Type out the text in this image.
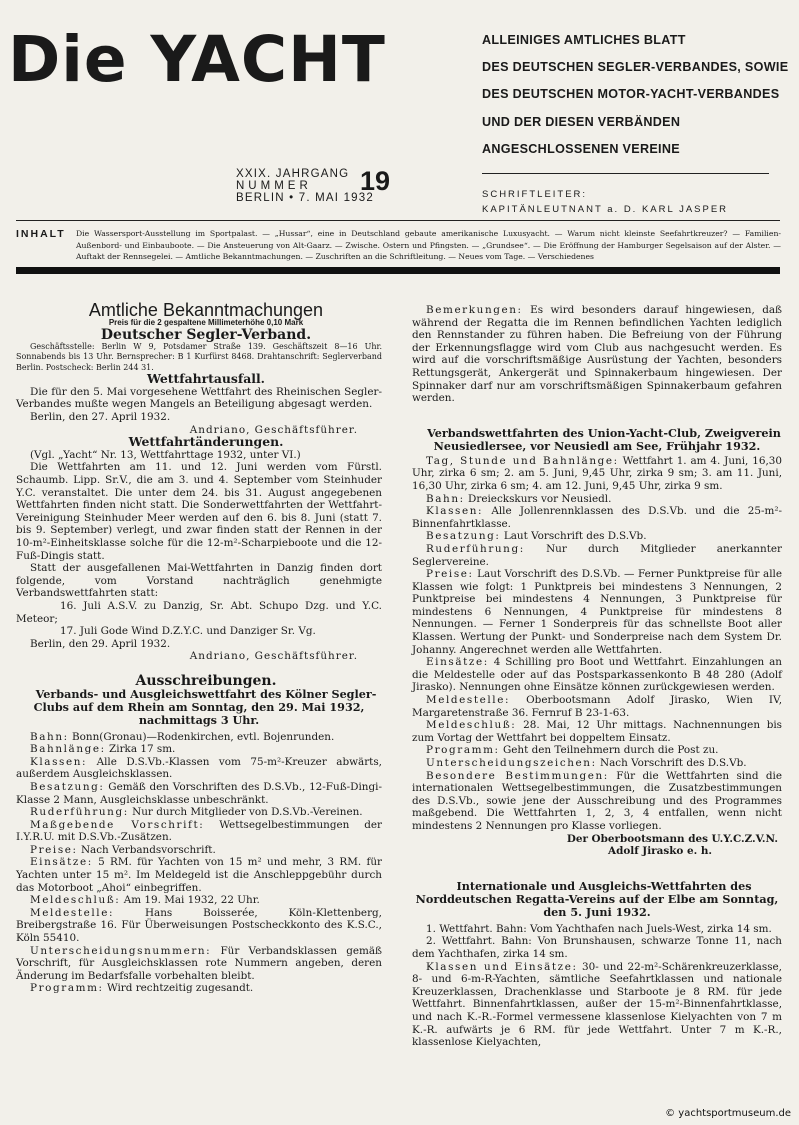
Die YACHT	ALLEINIGES AMTLICHES BLATT
DES DEUTSCHEN SEGLER-VERBANDES, SOWIE
DES DEUTSCHEN MOTOR-YACHT-VERBANDES
UND DER DIESEN VERBÄNDEN
ANGESCHLOSSENEN VEREINE
XXIX. JAHRGANG
NUMMER	19
BERLIN • 7. MAI 1932	SCHRIFTLEITER:
KAPITÄNLEUTNANT a. D. KARL JASPER
INHALT Die Wassersport-Ausstellung im Sportpalast. — „Hussar“, eine in Deutschland gebaute amerikanische Luxusyacht. — Warum nicht kleinste Seefahrtkreuzer? — Familien-Außenbord- und Einbauboote. — Die Ansteuerung von Alt-Gaarz. — Zwische. Ostern und Pfingsten. — „Grundsee“. — Die Eröffnung der Hamburger Segelsaison auf der Alster. — Auftakt der Rennsegelei. — Amtliche Bekanntmachungen. — Zuschriften an die Schriftleitung. — Neues vom Tage. — Verschiedenes

Amtliche Bekanntmachungen

Preis für die 2 gespaltene Millimeterhöhe 0,10 Mark

Deutscher Segler-Verband.

Geschäftsstelle: Berlin W 9, Potsdamer Straße 139. Geschäftszeit 8—16 Uhr. Sonnabends bis 13 Uhr. Bernsprecher: B 1 Kurfürst 8468. Drahtanschrift: Seglerverband Berlin. Postscheck: Berlin 244 31.

Wettfahrtausfall.

Die für den 5. Mai vorgesehene Wettfahrt des Rheinischen Segler-Verbandes mußte wegen Mangels an Beteiligung abgesagt werden.

Berlin, den 27. April 1932.

Andriano, Geschäftsführer.

Wettfahrtänderungen.

(Vgl. „Yacht“ Nr. 13, Wettfahrttage 1932, unter VI.)

Die Wettfahrten am 11. und 12. Juni werden vom Fürstl. Schaumb. Lipp. Sr.V., die am 3. und 4. September vom Steinhuder Y.C. veranstaltet. Die unter dem 24. bis 31. August angegebenen Wettfahrten finden nicht statt. Die Sonderwettfahrten der Wettfahrt-Vereinigung Steinhuder Meer werden auf den 6. bis 8. Juni (statt 7. bis 9. September) verlegt, und zwar finden statt der Rennen in der 10-m²-Einheitsklasse solche für die 12-m²-Scharpieboote und die 12-Fuß-Dingis statt.

Statt der ausgefallenen Mai-Wettfahrten in Danzig finden dort folgende, vom Vorstand nachträglich genehmigte Verbandswettfahrten statt:

16. Juli A.S.V. zu Danzig, Sr. Abt. Schupo Dzg. und Y.C. Meteor;

17. Juli Gode Wind D.Z.Y.C. und Danziger Sr. Vg.

Berlin, den 29. April 1932.

Andriano, Geschäftsführer.

Ausschreibungen.

Verbands- und Ausgleichswettfahrt des Kölner Segler-Clubs auf dem Rhein am Sonntag, den 29. Mai 1932, nachmittags 3 Uhr.

Bahn: Bonn(Gronau)—Rodenkirchen, evtl. Bojenrunden.

Bahnlänge: Zirka 17 sm.

Klassen: Alle D.S.Vb.-Klassen vom 75-m²-Kreuzer abwärts, außerdem Ausgleichsklassen.

Besatzung: Gemäß den Vorschriften des D.S.Vb., 12-Fuß-Dingi-Klasse 2 Mann, Ausgleichsklasse unbeschränkt.

Ruderführung: Nur durch Mitglieder von D.S.Vb.-Vereinen.

Maßgebende Vorschrift: Wettsegelbestimmungen der I.Y.R.U. mit D.S.Vb.-Zusätzen.

Preise: Nach Verbandsvorschrift.

Einsätze: 5 RM. für Yachten von 15 m² und mehr, 3 RM. für Yachten unter 15 m². Im Meldegeld ist die Anschleppgebühr durch das Motorboot „Ahoi“ einbegriffen.

Meldeschluß: Am 19. Mai 1932, 22 Uhr.

Meldestelle:	Hans Boisserée, Köln-Klettenberg, Breibergstraße 16. Für Überweisungen Postscheckkonto des K.S.C., Köln 55410.

Unterscheidungsnummern: Für Verbandsklassen gemäß Vorschrift, für Ausgleichsklassen rote Nummern angeben, deren Änderung im Bedarfsfalle vorbehalten bleibt.

Programm: Wird rechtzeitig zugesandt.

Bemerkungen: Es wird besonders darauf hingewiesen, daß während der Regatta die im Rennen befindlichen Yachten lediglich den Rennstander zu führen haben. Die Befreiung von der Führung der Erkennungsflagge wird vom Club aus nachgesucht werden. Es wird auf die vorschriftsmäßige Ausrüstung der Yachten, besonders Rettungsgerät, Ankergerät und Spinnakerbaum hingewiesen. Der Spinnaker darf nur am vorschriftsmäßigen Spinnakerbaum gefahren werden.

Verbandswettfahrten des Union-Yacht-Club, Zweigverein Neusiedlersee, vor Neusiedl am See, Frühjahr 1932.

Tag, Stunde und Bahnlänge: Wettfahrt 1. am 4. Juni, 16,30 Uhr, zirka 6 sm; 2. am 5. Juni, 9,45 Uhr, zirka 9 sm; 3. am 11. Juni, 16,30 Uhr, zirka 6 sm; 4. am 12. Juni, 9,45 Uhr, zirka 9 sm.

Bahn: Dreieckskurs vor Neusiedl.

Klassen: Alle Jollenrennklassen des D.S.Vb. und die 25-m²-Binnenfahrtklasse.

Besatzung: Laut Vorschrift des D.S.Vb.

Ruderführung: Nur durch Mitglieder anerkannter Seglervereine.

Preise: Laut Vorschrift des D.S.Vb. — Ferner Punktpreise für alle Klassen wie folgt: 1 Punktpreis bei mindestens 3 Nennungen, 2 Punktpreise bei mindestens 4 Nennungen, 3 Punktpreise für mindestens 6 Nennungen, 4 Punktpreise für mindestens 8 Nennungen. — Ferner 1 Sonderpreis für das schnellste Boot aller Klassen. Wertung der Punkt- und Sonderpreise nach dem System Dr. Johanny. Angerechnet werden alle Wettfahrten.

Einsätze: 4 Schilling pro Boot und Wettfahrt. Einzahlungen an die Meldestelle oder auf das Postsparkassenkonto B 48 280 (Adolf Jirasko). Nennungen ohne Einsätze können zurückgewiesen werden.

Meldestelle: Oberbootsmann Adolf Jirasko, Wien IV, Margaretenstraße 36. Fernruf B 23-1-63.

Meldeschluß: 28. Mai, 12 Uhr mittags. Nachnennungen bis zum Vortag der Wettfahrt bei doppeltem Einsatz.

Programm: Geht den Teilnehmern durch die Post zu.

Unterscheidungszeichen: Nach Vorschrift des D.S.Vb.

Besondere Bestimmungen: Für die Wettfahrten sind die internationalen Wettsegelbestimmungen, die Zusatzbestimmungen des D.S.Vb., sowie jene der Ausschreibung und des Programmes maßgebend. Die Wettfahrten 1, 2, 3, 4 entfallen, wenn nicht mindestens 2 Nennungen pro Klasse vorliegen.

Der Oberbootsmann des U.Y.C.Z.V.N.

Adolf Jirasko e. h.

Internationale und Ausgleichs-Wettfahrten des Norddeutschen Regatta-Vereins auf der Elbe am Sonntag, den 5. Juni 1932.

1. Wettfahrt. Bahn: Vom Yachthafen nach Juels-West, zirka 14 sm.

2. Wettfahrt. Bahn: Von Brunshausen, schwarze Tonne 11, nach dem Yachthafen, zirka 14 sm.

Klassen und Einsätze: 30- und 22-m²-Schärenkreuzerklasse, 8- und 6-m-R-Yachten, sämtliche Seefahrtklassen und nationale Kreuzerklassen, Drachenklasse und Starboote je 8 RM. für jede Wettfahrt. Binnenfahrtklassen, außer der 15-m²-Binnenfahrtklasse, und nach K.-R.-Formel vermessene klassenlose Kielyachten von 7 m K.-R. aufwärts je 6 RM. für jede Wettfahrt. Unter 7 m K.-R., klassenlose Kielyachten,

© yachtsportmuseum.de
